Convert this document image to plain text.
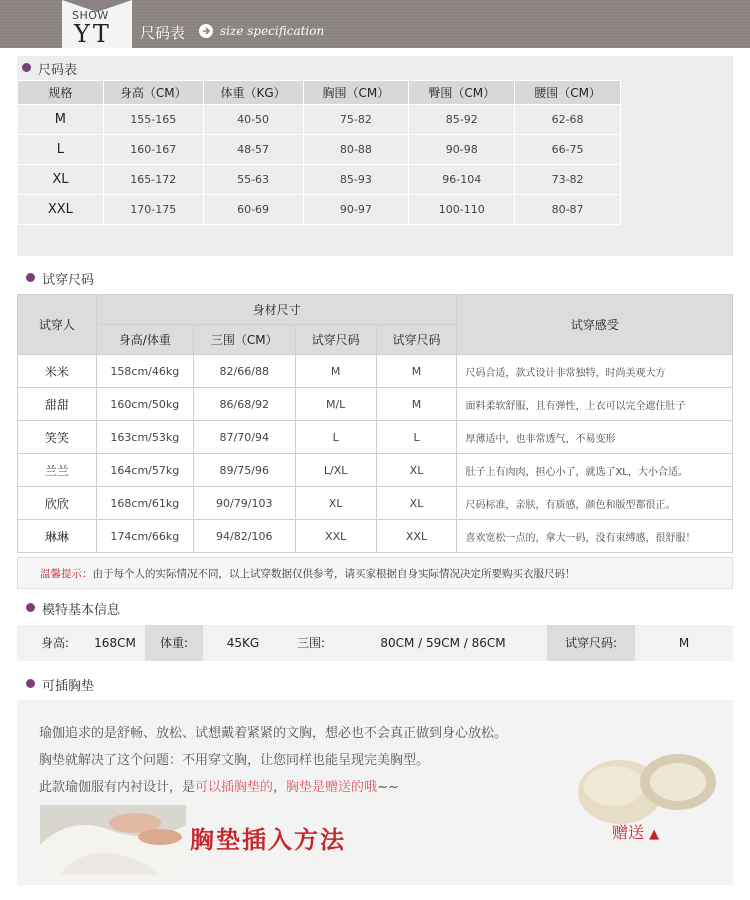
SHOW
YT 尺码表	size specification
尺码表
规格	身高（CM）	体重（KG）	胸围（CM）	臀围（CM）	腰围（CM）
M	155-165	40-50	75-82	85-92	62-68
L	160-167	48-57	80-88	90-98	66-75
XL	165-172	55-63	85-93	96-104	73-82
XXL	170-175	60-69	90-97	100-110	80-87
试穿尺码
试穿人	身材尺寸				试穿感受
	身高/体重	三围（CM）	试穿尺码	试穿尺码	
米米	158cm/46kg	82/66/88	M	M	尺码合适，款式设计非常独特，时尚美观大方
甜甜	160cm/50kg	86/68/92	M/L	M	面料柔软舒服，且有弹性，上衣可以完全遮住肚子
笑笑	163cm/53kg	87/70/94	L	L	厚薄适中，也非常透气，不易变形
兰兰	164cm/57kg	89/75/96	L/XL	XL	肚子上有肉肉，担心小了，就选了XL，大小合适。
欣欣	168cm/61kg	90/79/103	XL	XL	尺码标准，亲肤，有质感，颜色和版型都很正。
琳琳	174cm/66kg	94/82/106	XXL	XXL	喜欢宽松一点的，拿大一码，没有束缚感，很舒服！
温馨提示：由于每个人的实际情况不同，以上试穿数据仅供参考，请买家根据自身实际情况决定所要购买衣服尺码！
模特基本信息
身高:	168CM	体重:	45KG	三围:	80CM / 59CM / 86CM	试穿尺码:	M
可插胸垫
瑜伽追求的是舒畅、放松、试想戴着紧紧的文胸，想必也不会真正做到身心放松。
胸垫就解决了这个问题：不用穿文胸，让您同样也能呈现完美胸型。
此款瑜伽服有内衬设计，是可以插胸垫的，胸垫是赠送的哦~~
胸垫插入方法	赠送 ▲
